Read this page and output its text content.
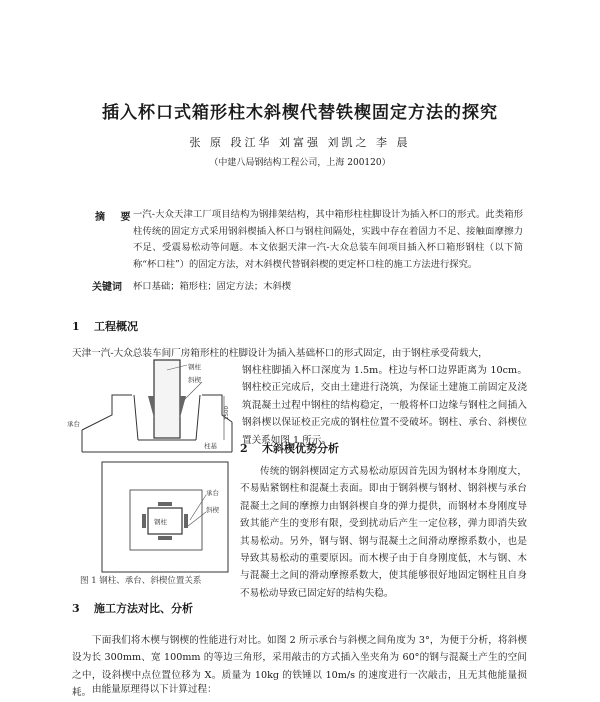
插入杯口式箱形柱木斜楔代替铁楔固定方法的探究
张 原 段江华 刘富强 刘凯之 李 晨
（中建八局钢结构工程公司，上海 200120）
摘 要
一汽-大众天津工厂项目结构为钢排架结构，其中箱形柱柱脚设计为插入杯口的形式。此类箱形柱传统的固定方式采用钢斜楔插入杯口与钢柱间隔处，实践中存在着固力不足、接触面摩擦力不足、受震易松动等问题。本文依据天津一汽-大众总装车间项目插入杯口箱形钢柱（以下简称“杯口柱”）的固定方法，对木斜楔代替钢斜楔的更定杯口柱的施工方法进行探究。
关键词 杯口基础；箱形柱；固定方法；木斜楔
1 工程概况
天津一汽-大众总装车间厂房箱形柱的柱脚设计为插入基础杯口的形式固定，由于钢柱承受荷载大，
钢柱柱脚插入杯口深度为 1.5m。柱边与杯口边界距离为 10cm。钢柱校正完成后，交由土建进行浇筑，为保证土建施工前固定及浇筑混凝土过程中钢柱的结构稳定，一般将杯口边缘与钢柱之间插入钢斜楔以保证校正完成的钢柱位置不受破坏。钢柱、承台、斜楔位置关系如图 1 所示。
2 木斜楔优势分析
传统的钢斜楔固定方式易松动原因首先因为钢材本身刚度大，不易贴紧钢柱和混凝土表面。即由于钢斜楔与钢材、钢斜楔与承台混凝土之间的摩擦力由钢斜楔自身的弹力提供，而钢材本身刚度导致其能产生的变形有限，受到扰动后产生一定位移，弹力即消失致其易松动。另外，钢与钢、钢与混凝土之间滑动摩擦系数小，也是导致其易松动的重要原因。而木楔子由于自身刚度低，木与钢、木与混凝土之间的滑动摩擦系数大，使其能够很好地固定钢柱且自身不易松动导致已固定好的结构失稳。
钢柱
斜楔
承台
1500
柱基
钢柱
承台
斜楔
图 1 钢柱、承台、斜楔位置关系
3 施工方法对比、分析
下面我们将木楔与钢楔的性能进行对比。如图 2 所示承台与斜楔之间角度为 3°，为便于分析，将斜楔设为长 300mm、宽 100mm 的等边三角形，采用敲击的方式插入坐夹角为 60°的钢与混凝土产生的空间之中，设斜楔中点位置位移为 X。质量为 10kg 的铁锤以 10m/s 的速度进行一次敲击，且无其他能量损耗。 由能量原理得以下计算过程：
